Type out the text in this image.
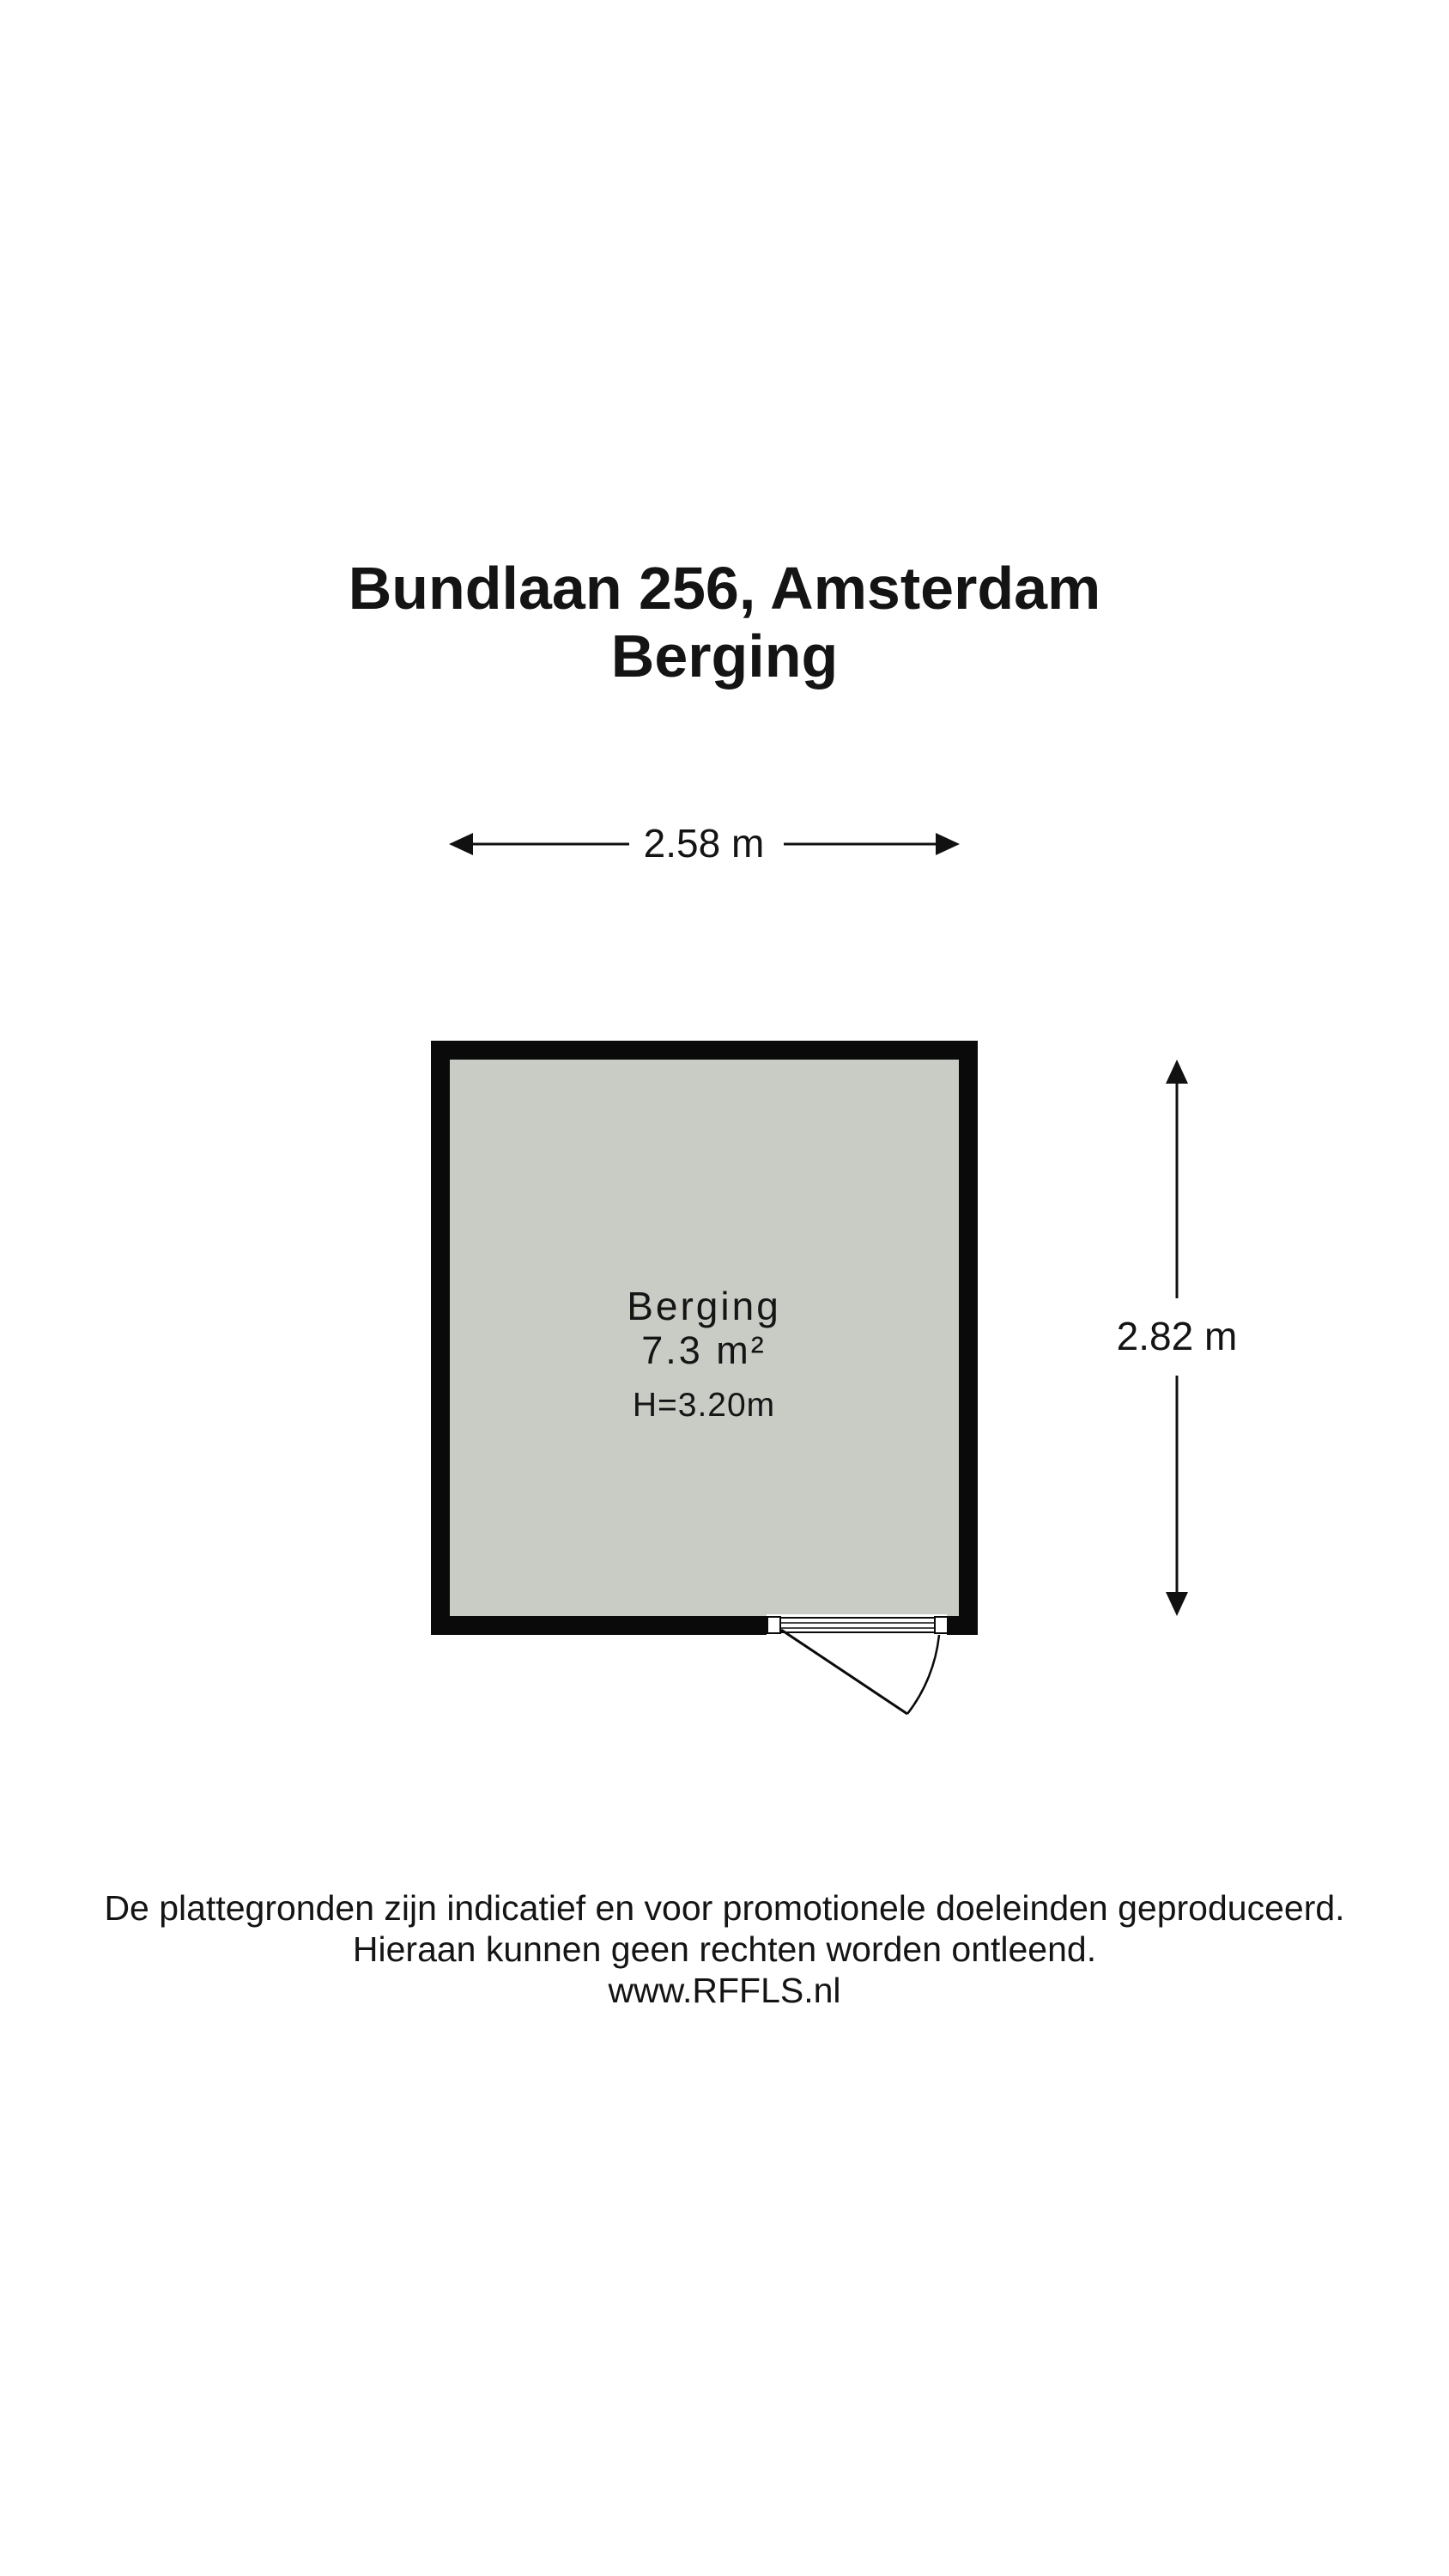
Bundlaan 256, Amsterdam
Berging
2.58 m
2.82 m
Berging
7.3 m²
H=3.20m
De plattegronden zijn indicatief en voor promotionele doeleinden geproduceerd.
Hieraan kunnen geen rechten worden ontleend.
www.RFFLS.nl
